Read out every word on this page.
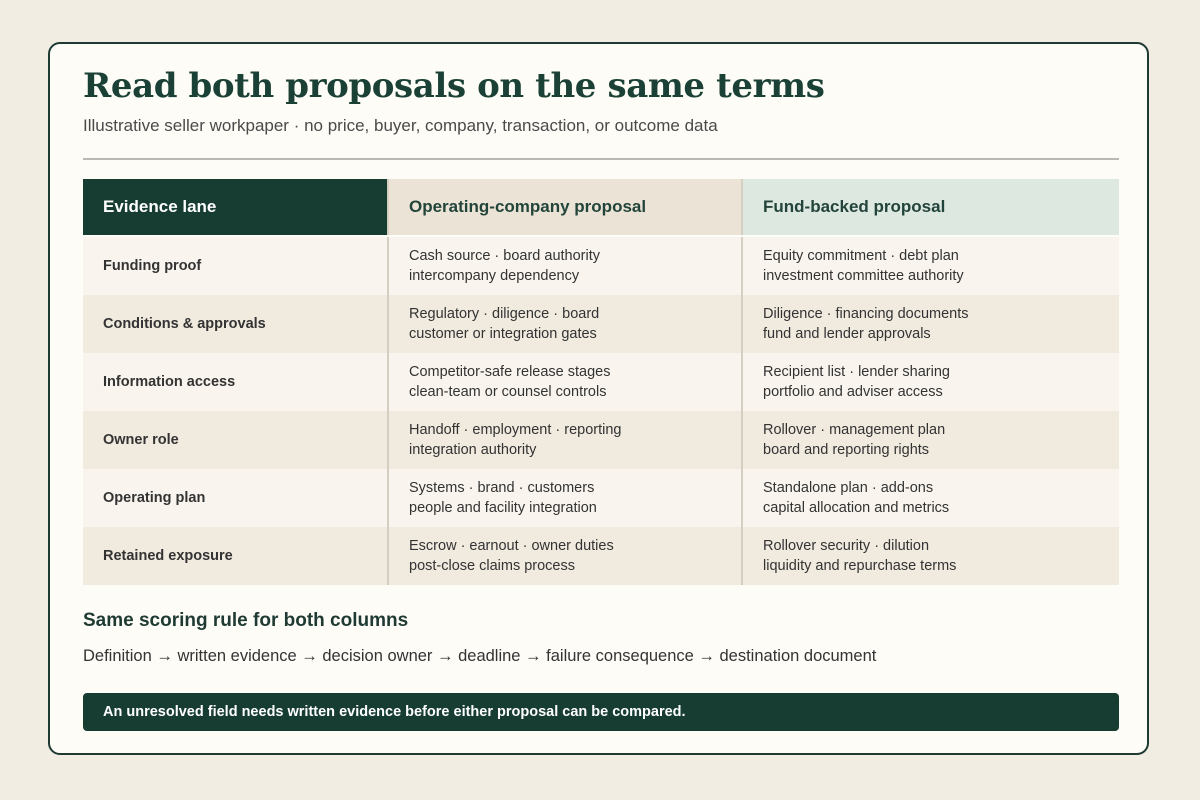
Read both proposals on the same terms
Illustrative seller workpaper · no price, buyer, company, transaction, or outcome data
Evidence lane	Operating-company proposal	Fund-backed proposal
Funding proof
Cash source · board authority
intercompany dependency
Equity commitment · debt plan
investment committee authority
Conditions & approvals
Regulatory · diligence · board
customer or integration gates
Diligence · financing documents
fund and lender approvals
Information access
Competitor-safe release stages
clean-team or counsel controls
Recipient list · lender sharing
portfolio and adviser access
Owner role
Handoff · employment · reporting
integration authority
Rollover · management plan
board and reporting rights
Operating plan
Systems · brand · customers
people and facility integration
Standalone plan · add-ons
capital allocation and metrics
Retained exposure
Escrow · earnout · owner duties
post-close claims process
Rollover security · dilution
liquidity and repurchase terms
Same scoring rule for both columns
Definition → written evidence → decision owner → deadline → failure consequence → destination document
An unresolved field needs written evidence before either proposal can be compared.
